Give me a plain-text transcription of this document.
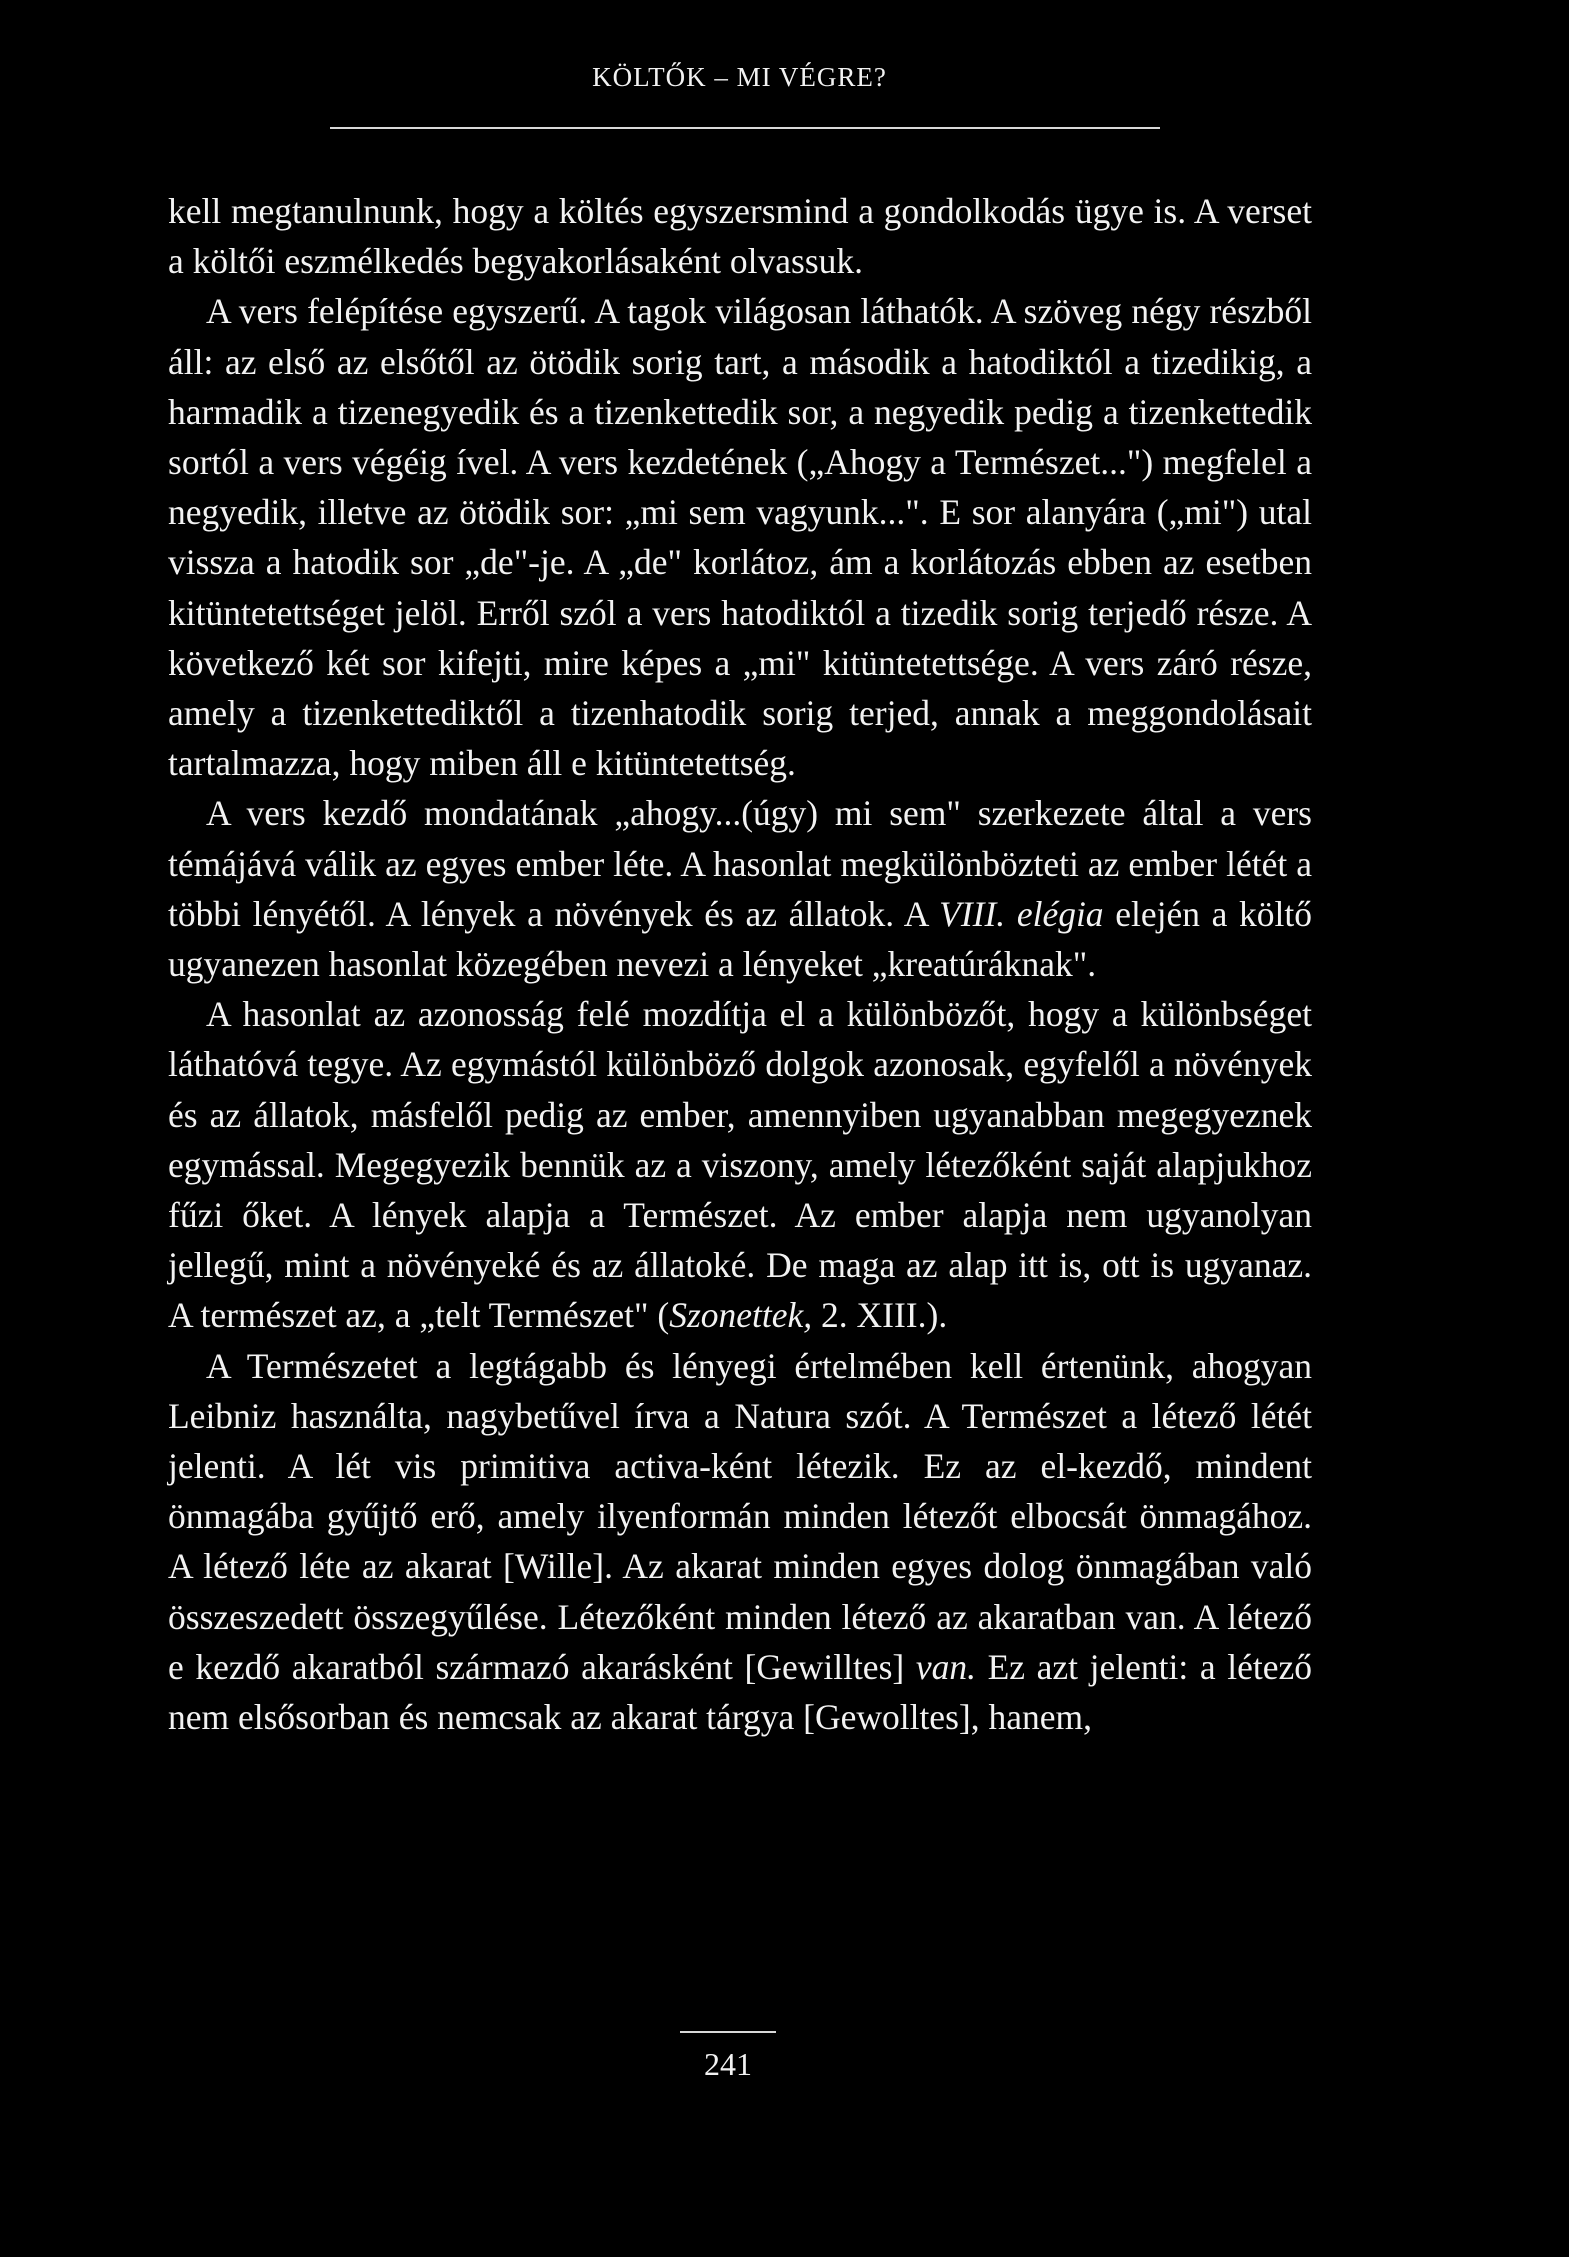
KÖLTŐK – MI VÉGRE?

kell megtanulnunk, hogy a költés egyszersmind a gondolkodás ügye is. A verset a költői eszmélkedés begyakorlásaként olvassuk.

A vers felépítése egyszerű. A tagok világosan láthatók. A szöveg négy részből áll: az első az elsőtől az ötödik sorig tart, a második a hatodiktól a tizedikig, a harmadik a tizenegyedik és a tizenkettedik sor, a negyedik pedig a tizenkettedik sortól a vers végéig ível. A vers kezdetének („Ahogy a Természet...") megfelel a negyedik, illetve az ötödik sor: „mi sem vagyunk...". E sor alanyára („mi") utal vissza a hatodik sor „de"-je. A „de" korlátoz, ám a korlátozás ebben az esetben kitüntetettséget jelöl. Erről szól a vers hatodiktól a tizedik sorig terjedő része. A következő két sor kifejti, mire képes a „mi" kitüntetettsége. A vers záró része, amely a tizenkettediktől a tizenhatodik sorig terjed, annak a meggondolásait tartalmazza, hogy miben áll e kitüntetettség.

A vers kezdő mondatának „ahogy...(úgy) mi sem" szerkezete által a vers témájává válik az egyes ember léte. A hasonlat megkülönbözteti az ember létét a többi lényétől. A lények a növények és az állatok. A VIII. elégia elején a költő ugyanezen hasonlat közegében nevezi a lényeket „kreatúráknak".

A hasonlat az azonosság felé mozdítja el a különbözőt, hogy a különbséget láthatóvá tegye. Az egymástól különböző dolgok azonosak, egyfelől a növények és az állatok, másfelől pedig az ember, amennyiben ugyanabban megegyeznek egymással. Megegyezik bennük az a viszony, amely létezőként saját alapjukhoz fűzi őket. A lények alapja a Természet. Az ember alapja nem ugyanolyan jellegű, mint a növényeké és az állatoké. De maga az alap itt is, ott is ugyanaz. A természet az, a „telt Természet" (Szonettek, 2. XIII.).

A Természetet a legtágabb és lényegi értelmében kell értenünk, ahogyan Leibniz használta, nagybetűvel írva a Natura szót. A Természet a létező létét jelenti. A lét vis primitiva activa-ként létezik. Ez az el-kezdő, mindent önmagába gyűjtő erő, amely ilyenformán minden létezőt elbocsát önmagához. A létező léte az akarat [Wille]. Az akarat minden egyes dolog önmagában való összeszedett összegyűlése. Létezőként minden létező az akaratban van. A létező e kezdő akaratból származó akarásként [Gewilltes] van. Ez azt jelenti: a létező nem elsősorban és nemcsak az akarat tárgya [Gewolltes], hanem,

241
